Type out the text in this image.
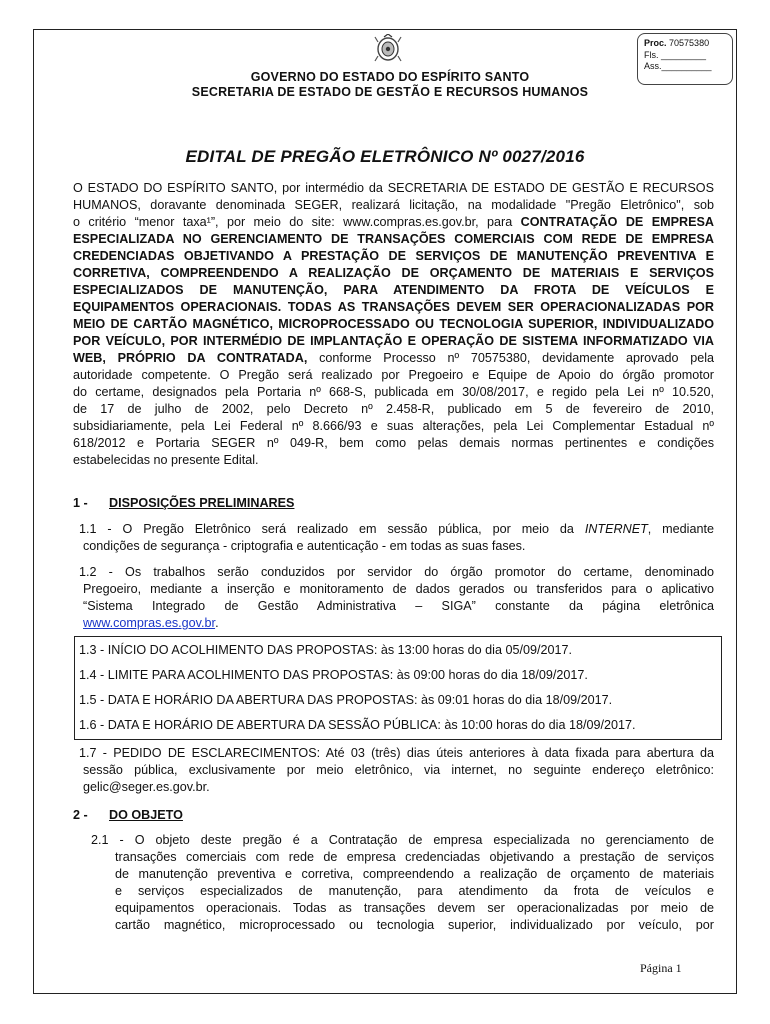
Proc. 70575380
Fls. _________
Ass.__________
GOVERNO DO ESTADO DO ESPÍRITO SANTO
SECRETARIA DE ESTADO DE GESTÃO E RECURSOS HUMANOS
EDITAL DE PREGÃO ELETRÔNICO Nº 0027/2016
O ESTADO DO ESPÍRITO SANTO, por intermédio da SECRETARIA DE ESTADO DE GESTÃO E RECURSOS
HUMANOS, doravante denominada SEGER, realizará licitação, na modalidade "Pregão Eletrônico", sob
o critério “menor taxa¹”, por meio do site: www.compras.es.gov.br, para CONTRATAÇÃO DE EMPRESA
ESPECIALIZADA NO GERENCIAMENTO DE TRANSAÇÕES COMERCIAIS COM REDE DE EMPRESA
CREDENCIADAS OBJETIVANDO A PRESTAÇÃO DE SERVIÇOS DE MANUTENÇÃO PREVENTIVA E
CORRETIVA, COMPREENDENDO A REALIZAÇÃO DE ORÇAMENTO DE MATERIAIS E SERVIÇOS
ESPECIALIZADOS DE MANUTENÇÃO, PARA ATENDIMENTO DA FROTA DE VEÍCULOS E
EQUIPAMENTOS OPERACIONAIS. TODAS AS TRANSAÇÕES DEVEM SER OPERACIONALIZADAS POR
MEIO DE CARTÃO MAGNÉTICO, MICROPROCESSADO OU TECNOLOGIA SUPERIOR, INDIVIDUALIZADO
POR VEÍCULO, POR INTERMÉDIO DE IMPLANTAÇÃO E OPERAÇÃO DE SISTEMA INFORMATIZADO VIA
WEB, PRÓPRIO DA CONTRATADA, conforme Processo nº 70575380, devidamente aprovado pela
autoridade competente. O Pregão será realizado por Pregoeiro e Equipe de Apoio do órgão promotor
do certame, designados pela Portaria nº 668-S, publicada em 30/08/2017, e regido pela Lei nº 10.520,
de 17 de julho de 2002, pelo Decreto nº 2.458-R, publicado em 5 de fevereiro de 2010,
subsidiariamente, pela Lei Federal nº 8.666/93 e suas alterações, pela Lei Complementar Estadual nº
618/2012 e Portaria SEGER nº 049-R, bem como pelas demais normas pertinentes e condições
estabelecidas no presente Edital.
1 - DISPOSIÇÕES PRELIMINARES
1.1 - O Pregão Eletrônico será realizado em sessão pública, por meio da INTERNET, mediante
condições de segurança - criptografia e autenticação - em todas as suas fases.
1.2 - Os trabalhos serão conduzidos por servidor do órgão promotor do certame, denominado
Pregoeiro, mediante a inserção e monitoramento de dados gerados ou transferidos para o aplicativo
“Sistema Integrado de Gestão Administrativa – SIGA” constante da página eletrônica
www.compras.es.gov.br.
1.3 - INÍCIO DO ACOLHIMENTO DAS PROPOSTAS: às 13:00 horas do dia 05/09/2017.
1.4 - LIMITE PARA ACOLHIMENTO DAS PROPOSTAS: às 09:00 horas do dia 18/09/2017.
1.5 - DATA E HORÁRIO DA ABERTURA DAS PROPOSTAS: às 09:01 horas do dia 18/09/2017.
1.6 - DATA E HORÁRIO DE ABERTURA DA SESSÃO PÚBLICA: às 10:00 horas do dia 18/09/2017.
1.7 - PEDIDO DE ESCLARECIMENTOS: Até 03 (três) dias úteis anteriores à data fixada para abertura da
sessão pública, exclusivamente por meio eletrônico, via internet, no seguinte endereço eletrônico:
gelic@seger.es.gov.br.
2 - DO OBJETO
2.1 - O objeto deste pregão é a Contratação de empresa especializada no gerenciamento de
transações comerciais com rede de empresa credenciadas objetivando a prestação de serviços
de manutenção preventiva e corretiva, compreendendo a realização de orçamento de materiais
e serviços especializados de manutenção, para atendimento da frota de veículos e
equipamentos operacionais. Todas as transações devem ser operacionalizadas por meio de
cartão magnético, microprocessado ou tecnologia superior, individualizado por veículo, por
Página 1
